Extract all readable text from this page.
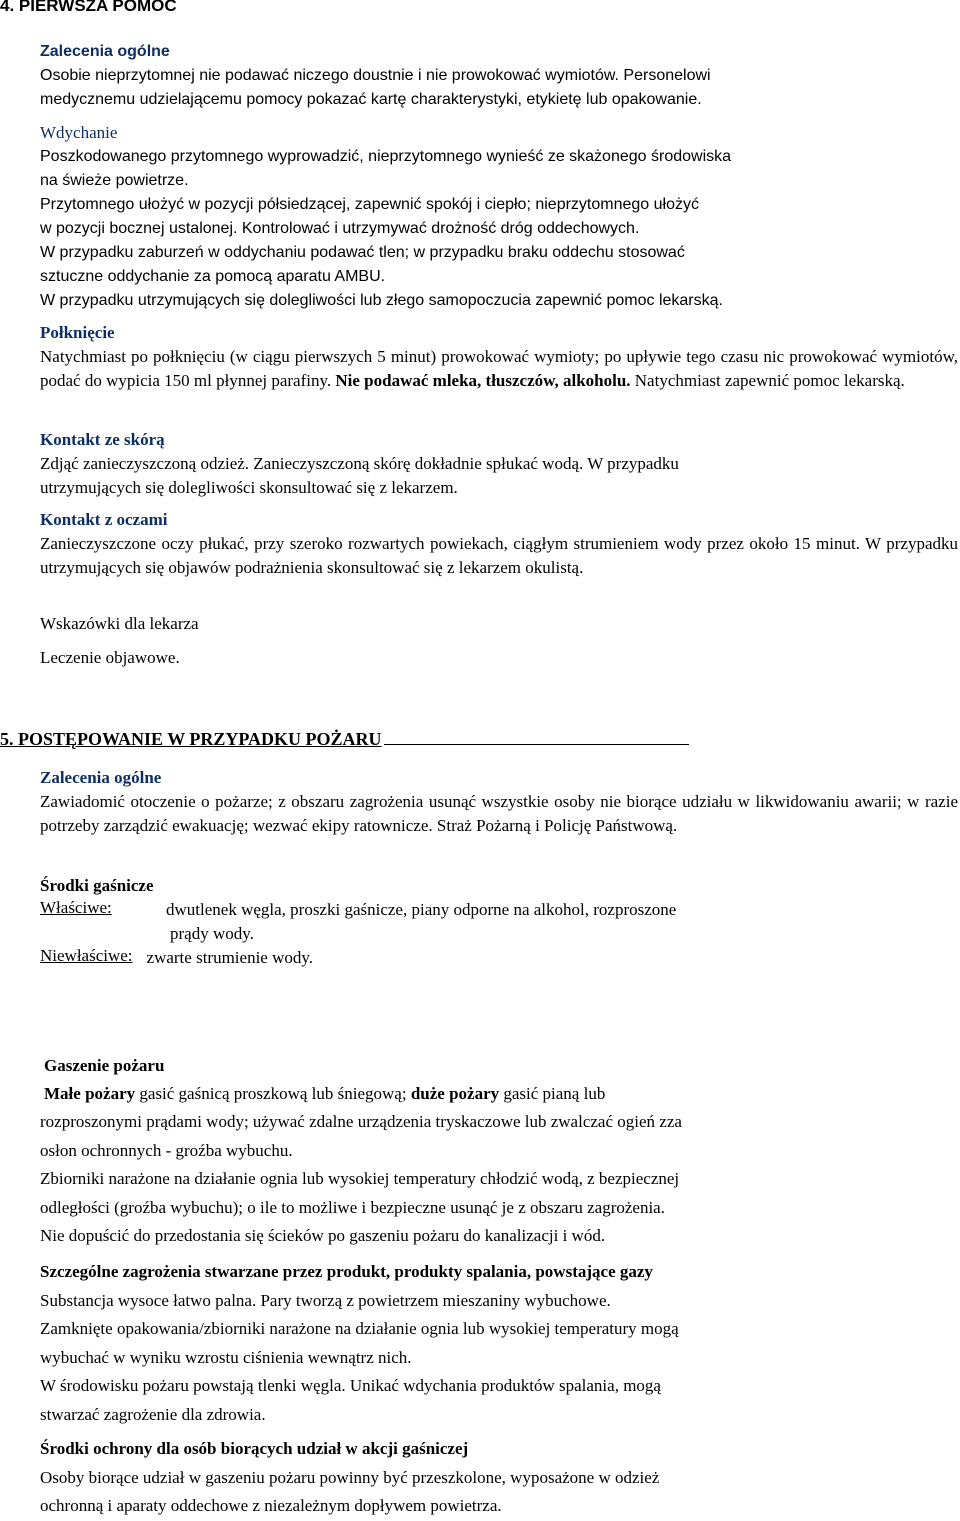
4. PIERWSZA POMOC

Zalecenia ogólne

Osobie nieprzytomnej nie podawać niczego doustnie i nie prowokować wymiotów. Personelowi

medycznemu udzielającemu pomocy pokazać kartę charakterystyki, etykietę lub opakowanie.

Wdychanie

Poszkodowanego przytomnego wyprowadzić, nieprzytomnego wynieść ze skażonego środowiska

na świeże powietrze.

Przytomnego ułożyć w pozycji półsiedzącej, zapewnić spokój i ciepło; nieprzytomnego ułożyć

w pozycji bocznej ustalonej. Kontrolować i utrzymywać drożność dróg oddechowych.

W przypadku zaburzeń w oddychaniu podawać tlen; w przypadku braku oddechu stosować

sztuczne oddychanie za pomocą aparatu AMBU.

W przypadku utrzymujących się dolegliwości lub złego samopoczucia zapewnić pomoc lekarską.

Połknięcie

Natychmiast po połknięciu (w ciągu pierwszych 5 minut) prowokować wymioty; po upływie tego czasu nic prowokować wymiotów, podać do wypicia 150 ml płynnej parafiny. Nie podawać mleka, tłuszczów, alkoholu. Natychmiast zapewnić pomoc lekarską.

Kontakt ze skórą

Zdjąć zanieczyszczoną odzież. Zanieczyszczoną skórę dokładnie spłukać wodą. W przypadku

utrzymujących się dolegliwości skonsultować się z lekarzem.

Kontakt z oczami

Zanieczyszczone oczy płukać, przy szeroko rozwartych powiekach, ciągłym strumieniem wody przez około 15 minut. W przypadku utrzymujących się objawów podrażnienia skonsultować się z lekarzem okulistą.

Wskazówki dla lekarza

Leczenie objawowe.

5. POSTĘPOWANIE W PRZYPADKU POŻARU

Zalecenia ogólne

Zawiadomić otoczenie o pożarze; z obszaru zagrożenia usunąć wszystkie osoby nie biorące udziału w likwidowaniu awarii; w razie potrzeby zarządzić ewakuację; wezwać ekipy ratownicze. Straż Pożarną i Policję Państwową.

Środki gaśnicze

Właściwe:	dwutlenek węgla, proszki gaśnicze, piany odporne na alkohol, rozproszone

prądy wody.

Niewłaściwe: zwarte strumienie wody.

Gaszenie pożaru

Małe pożary gasić gaśnicą proszkową lub śniegową; duże pożary gasić pianą lub

rozproszonymi prądami wody; używać zdalne urządzenia tryskaczowe lub zwalczać ogień zza

osłon ochronnych - groźba wybuchu.

Zbiorniki narażone na działanie ognia lub wysokiej temperatury chłodzić wodą, z bezpiecznej

odległości (groźba wybuchu); o ile to możliwe i bezpieczne usunąć je z obszaru zagrożenia.

Nie dopuścić do przedostania się ścieków po gaszeniu pożaru do kanalizacji i wód.

Szczególne zagrożenia stwarzane przez produkt, produkty spalania, powstające gazy

Substancja wysoce łatwo palna. Pary tworzą z powietrzem mieszaniny wybuchowe.

Zamknięte opakowania/zbiorniki narażone na działanie ognia lub wysokiej temperatury mogą

wybuchać w wyniku wzrostu ciśnienia wewnątrz nich.

W środowisku pożaru powstają tlenki węgla. Unikać wdychania produktów spalania, mogą

stwarzać zagrożenie dla zdrowia.

Środki ochrony dla osób biorących udział w akcji gaśniczej

Osoby biorące udział w gaszeniu pożaru powinny być przeszkolone, wyposażone w odzież

ochronną i aparaty oddechowe z niezależnym dopływem powietrza.
